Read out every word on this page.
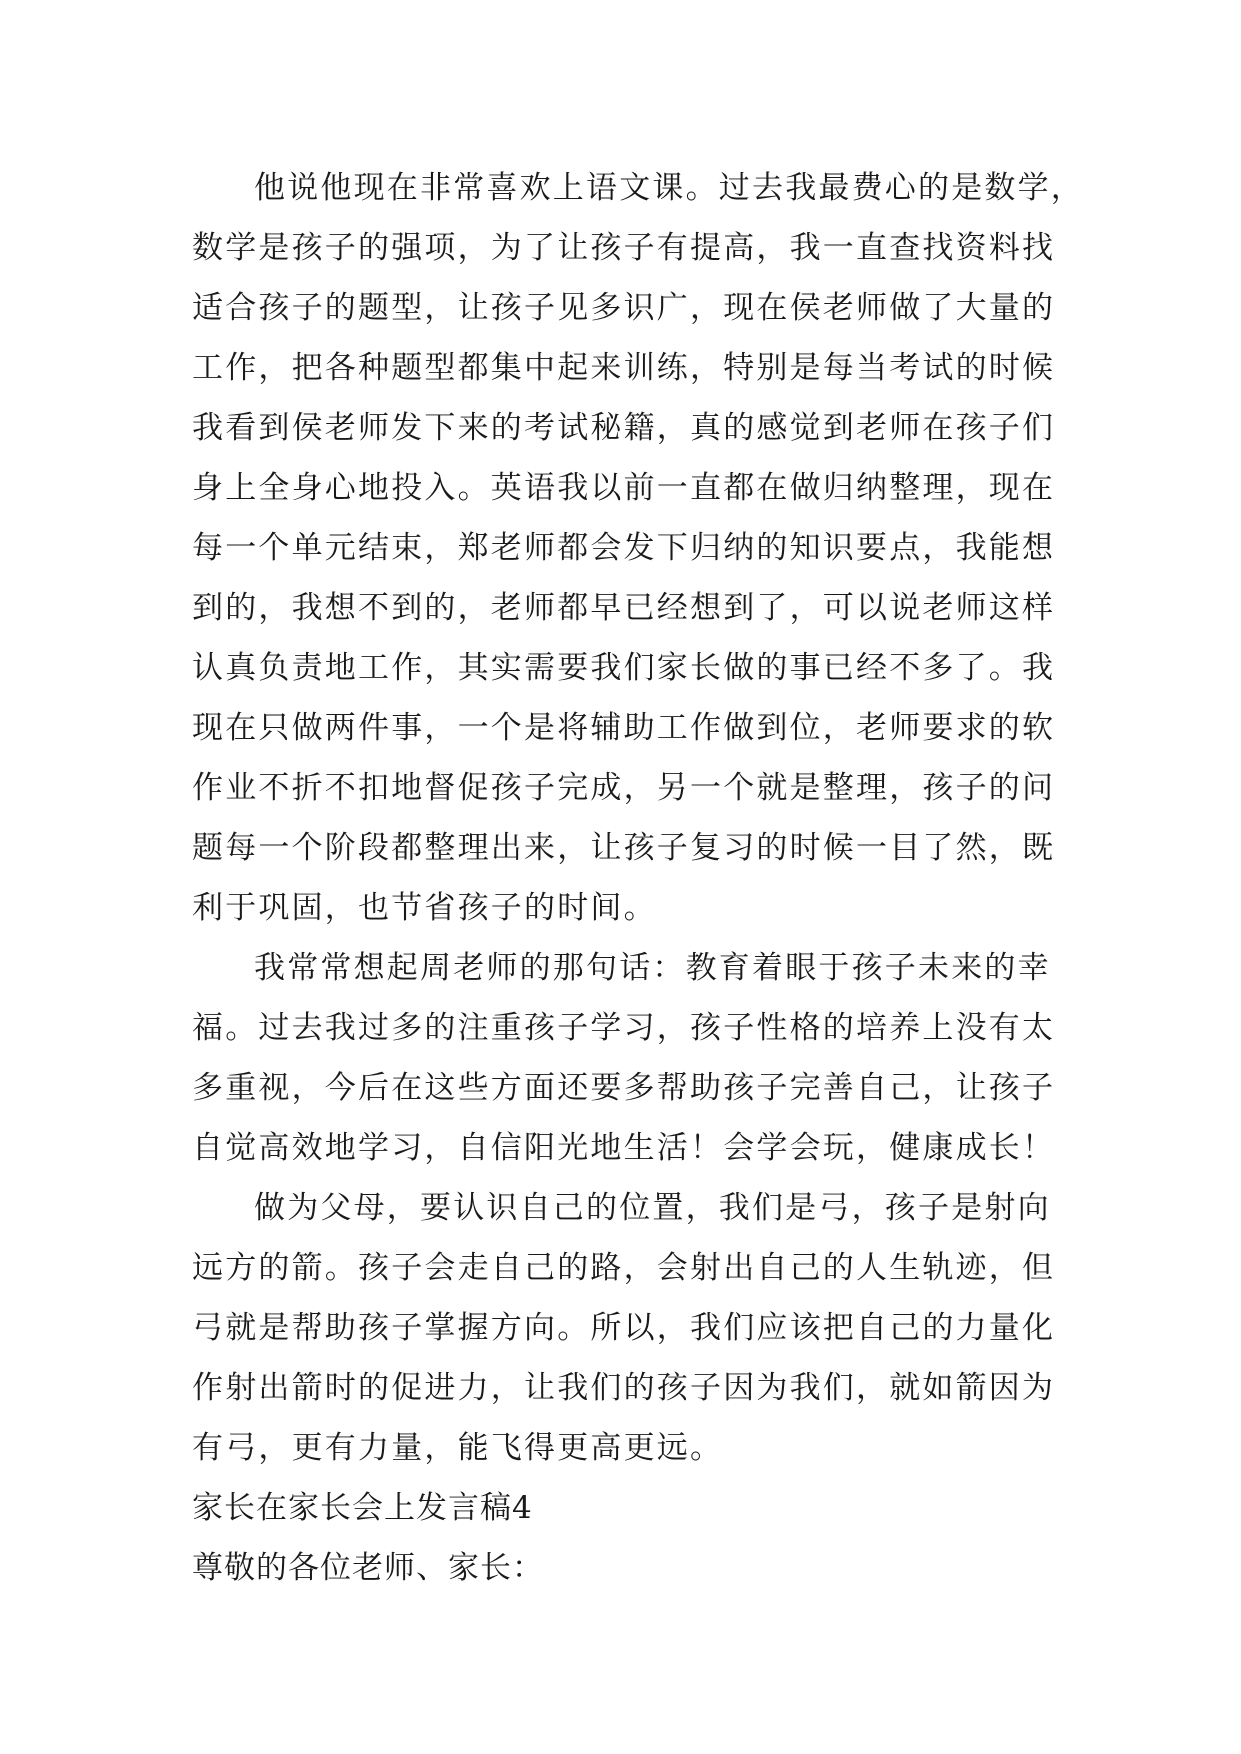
他说他现在非常喜欢上语文课。过去我最费心的是数学，
数学是孩子的强项，为了让孩子有提高，我一直查找资料找
适合孩子的题型，让孩子见多识广，现在侯老师做了大量的
工作，把各种题型都集中起来训练，特别是每当考试的时候
我看到侯老师发下来的考试秘籍，真的感觉到老师在孩子们
身上全身心地投入。英语我以前一直都在做归纳整理，现在
每一个单元结束，郑老师都会发下归纳的知识要点，我能想
到的，我想不到的，老师都早已经想到了，可以说老师这样
认真负责地工作，其实需要我们家长做的事已经不多了。我
现在只做两件事，一个是将辅助工作做到位，老师要求的软
作业不折不扣地督促孩子完成，另一个就是整理，孩子的问
题每一个阶段都整理出来，让孩子复习的时候一目了然，既
利于巩固，也节省孩子的时间。
我常常想起周老师的那句话：教育着眼于孩子未来的幸
福。过去我过多的注重孩子学习，孩子性格的培养上没有太
多重视，今后在这些方面还要多帮助孩子完善自己，让孩子
自觉高效地学习，自信阳光地生活！会学会玩，健康成长！
做为父母，要认识自己的位置，我们是弓，孩子是射向
远方的箭。孩子会走自己的路，会射出自己的人生轨迹，但
弓就是帮助孩子掌握方向。所以，我们应该把自己的力量化
作射出箭时的促进力，让我们的孩子因为我们，就如箭因为
有弓，更有力量，能飞得更高更远。
家长在家长会上发言稿4
尊敬的各位老师、家长：
